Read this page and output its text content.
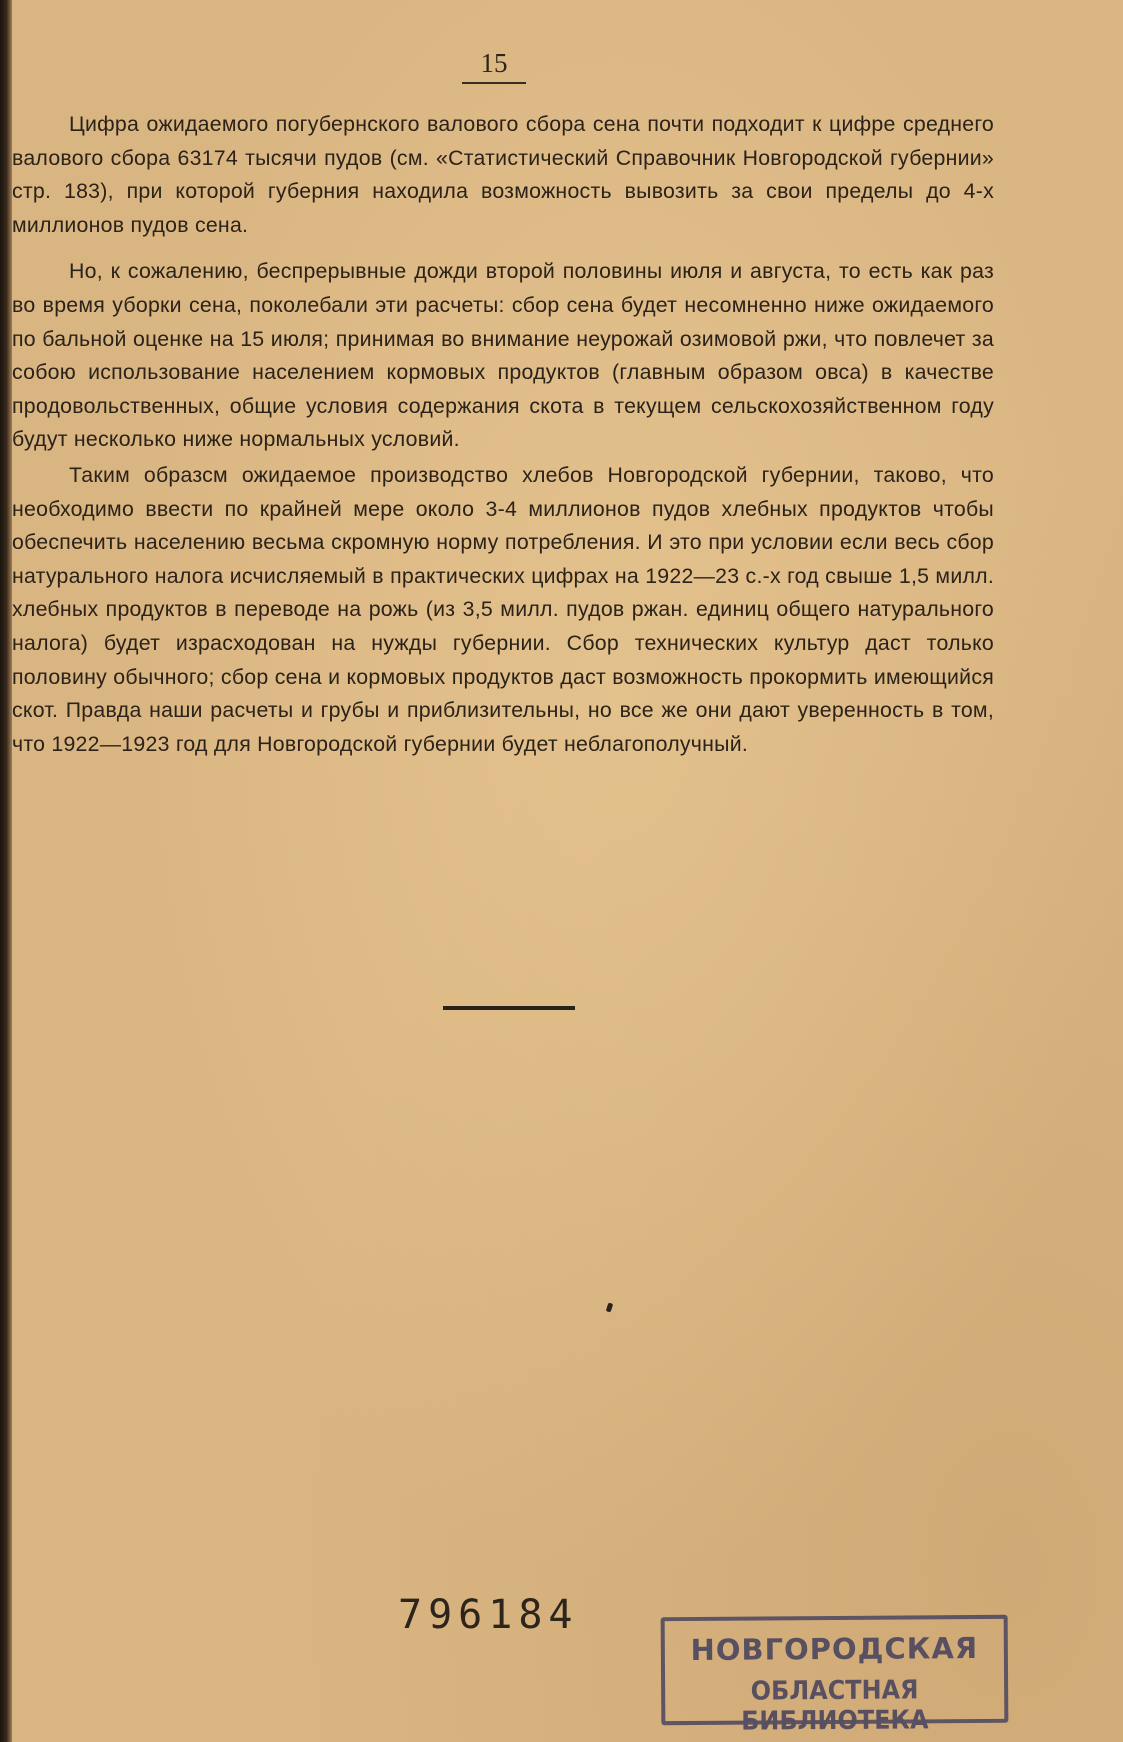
15

Цифра ожидаемого погубернского валового сбора сена почти подходит к цифре среднего валового сбора 63174 тысячи пудов (см. «Статистический Справочник Новгородской губернии» стр. 183), при которой губерния находила возможность вывозить за свои пределы до 4-х миллионов пудов сена.

Но, к сожалению, беспрерывные дожди второй половины июля и августа, то есть как раз во время уборки сена, поколебали эти расчеты: сбор сена будет несомненно ниже ожидаемого по бальной оценке на 15 июля; принимая во внимание неурожай озимовой ржи, что повлечет за собою использование населением кормовых продуктов (главным образом овса) в качестве продовольственных, общие условия содержания скота в текущем сельскохозяйственном году будут несколько ниже нормальных условий.

Таким образсм ожидаемое производство хлебов Новгородской губернии, таково, что необходимо ввести по крайней мере около 3-4 миллионов пудов хлебных продуктов чтобы обеспечить населению весьма скромную норму потребления. И это при условии если весь сбор натурального налога исчисляемый в практических цифрах на 1922—23 с.-х год свыше 1,5 милл. хлебных продуктов в переводе на рожь (из 3,5 милл. пудов ржан. единиц общего натурального налога) будет израсходован на нужды губернии. Сбор технических культур даст только половину обычного; сбор сена и кормовых продуктов даст возможность прокормить имеющийся скот. Правда наши расчеты и грубы и приблизительны, но все же они дают уверенность в том, что 1922—1923 год для Новгородской губернии будет неблагополучный.

796184
НОВГОРОДСКАЯ
ОБЛАСТНАЯ БИБЛИОТЕКА
